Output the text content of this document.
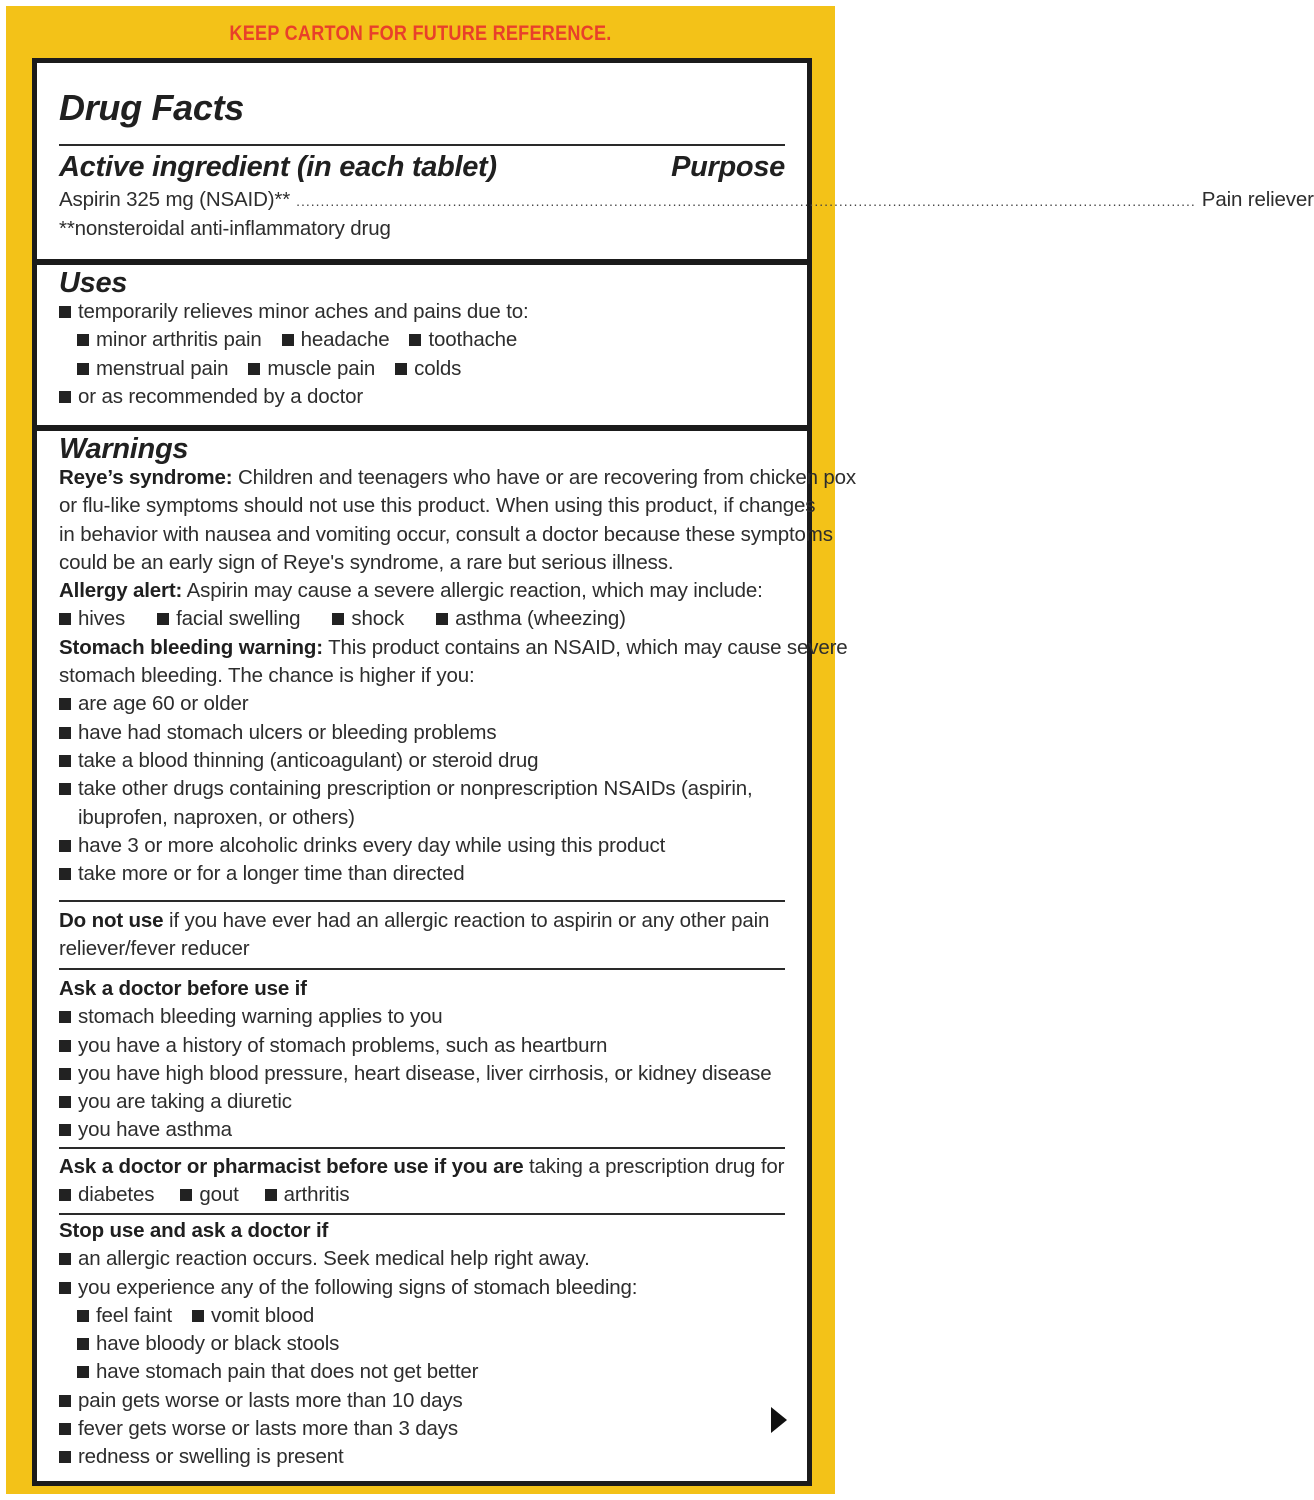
KEEP CARTON FOR FUTURE REFERENCE.
Drug Facts
Active ingredient (in each tablet)	Purpose
Aspirin 325 mg (NSAID)** ........................................................................................................................................................................................ Pain reliever
**nonsteroidal anti-inflammatory drug
Uses
temporarily relieves minor aches and pains due to:
minor arthritis pain headache toothache
menstrual pain muscle pain colds
or as recommended by a doctor
Warnings
Reye’s syndrome: Children and teenagers who have or are recovering from chicken pox
or flu-like symptoms should not use this product. When using this product, if changes
in behavior with nausea and vomiting occur, consult a doctor because these symptoms
could be an early sign of Reye's syndrome, a rare but serious illness.
Allergy alert: Aspirin may cause a severe allergic reaction, which may include:
hives facial swelling shock asthma (wheezing)
Stomach bleeding warning: This product contains an NSAID, which may cause severe
stomach bleeding. The chance is higher if you:
are age 60 or older
have had stomach ulcers or bleeding problems
take a blood thinning (anticoagulant) or steroid drug
take other drugs containing prescription or nonprescription NSAIDs (aspirin,
ibuprofen, naproxen, or others)
have 3 or more alcoholic drinks every day while using this product
take more or for a longer time than directed
Do not use if you have ever had an allergic reaction to aspirin or any other pain
reliever/fever reducer
Ask a doctor before use if
stomach bleeding warning applies to you
you have a history of stomach problems, such as heartburn
you have high blood pressure, heart disease, liver cirrhosis, or kidney disease
you are taking a diuretic
you have asthma
Ask a doctor or pharmacist before use if you are taking a prescription drug for
diabetes gout arthritis
Stop use and ask a doctor if
an allergic reaction occurs. Seek medical help right away.
you experience any of the following signs of stomach bleeding:
feel faint vomit blood
have bloody or black stools
have stomach pain that does not get better
pain gets worse or lasts more than 10 days
fever gets worse or lasts more than 3 days
redness or swelling is present
